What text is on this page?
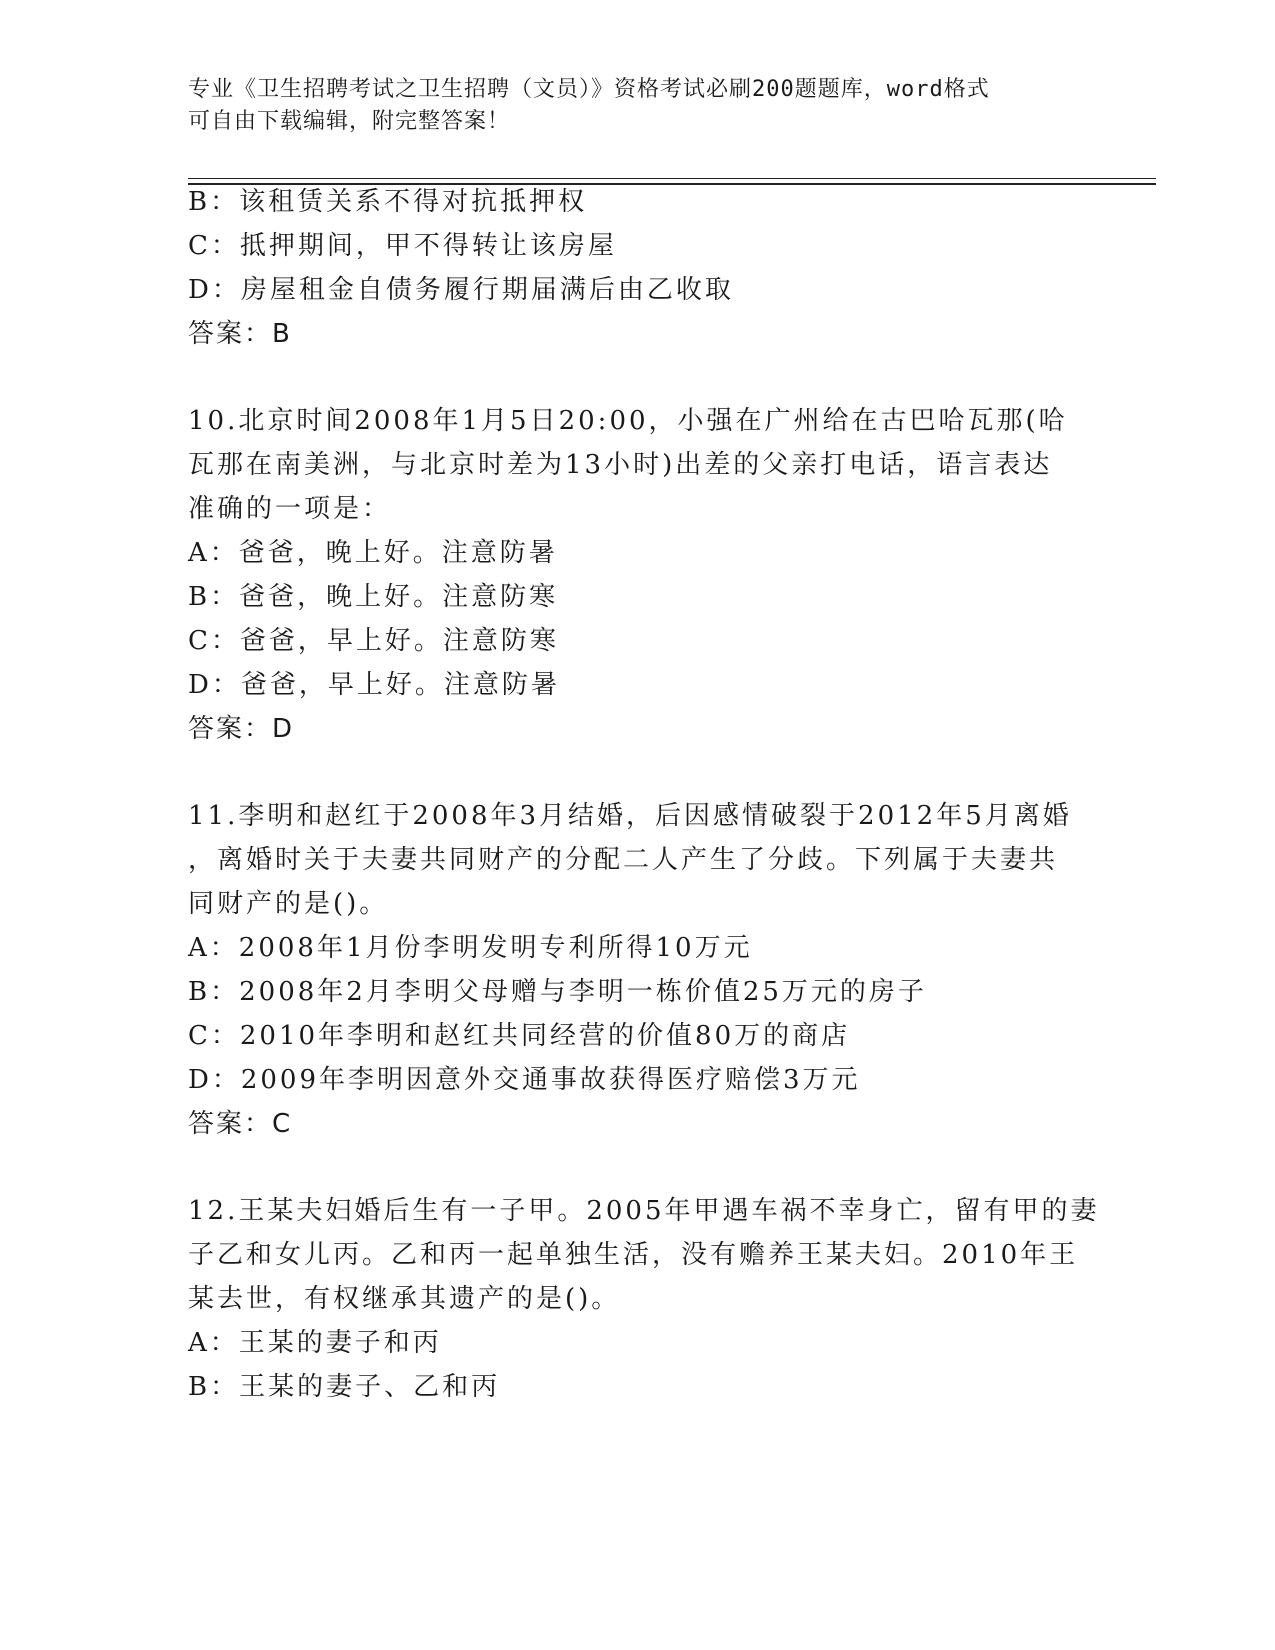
专业《卫生招聘考试之卫生招聘（文员）》资格考试必刷200题题库，word格式
可自由下载编辑，附完整答案！
B：该租赁关系不得对抗抵押权
C：抵押期间，甲不得转让该房屋
D：房屋租金自债务履行期届满后由乙收取
答案：B
10.北京时间2008年1月5日20:00，小强在广州给在古巴哈瓦那(哈
瓦那在南美洲，与北京时差为13小时)出差的父亲打电话，语言表达
准确的一项是：
A：爸爸，晚上好。注意防暑
B：爸爸，晚上好。注意防寒
C：爸爸，早上好。注意防寒
D：爸爸，早上好。注意防暑
答案：D
11.李明和赵红于2008年3月结婚，后因感情破裂于2012年5月离婚
，离婚时关于夫妻共同财产的分配二人产生了分歧。下列属于夫妻共
同财产的是()。
A：2008年1月份李明发明专利所得10万元
B：2008年2月李明父母赠与李明一栋价值25万元的房子
C：2010年李明和赵红共同经营的价值80万的商店
D：2009年李明因意外交通事故获得医疗赔偿3万元
答案：C
12.王某夫妇婚后生有一子甲。2005年甲遇车祸不幸身亡，留有甲的妻
子乙和女儿丙。乙和丙一起单独生活，没有赡养王某夫妇。2010年王
某去世，有权继承其遗产的是()。
A：王某的妻子和丙
B：王某的妻子、乙和丙
